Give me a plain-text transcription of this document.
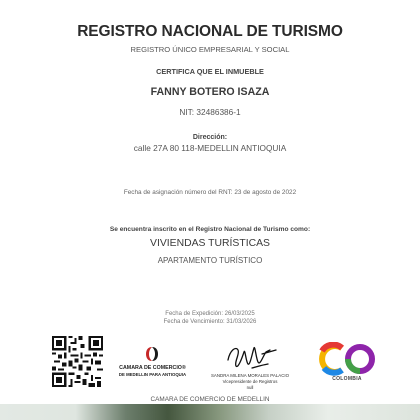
REGISTRO NACIONAL DE TURISMO
REGISTRO ÚNICO EMPRESARIAL Y SOCIAL
CERTIFICA QUE EL INMUEBLE
FANNY BOTERO ISAZA
NIT: 32486386-1
Dirección:
calle 27A 80 118-MEDELLIN ANTIOQUIA
Fecha de asignación número del RNT: 23 de agosto de 2022
Se encuentra inscrito en el Registro Nacional de Turismo como:
VIVIENDAS TURÍSTICAS
APARTAMENTO TURÍSTICO
Fecha de Expedición: 26/03/2025
Fecha de Vencimiento: 31/03/2026
CAMARA DE COMERCIO®
DE MEDELLIN PARA ANTIOQUIA	SANDRA MILENA MORALES PALACIO
Vicepresidente de Registros
null
COLOMBIA
CAMARA DE COMERCIO DE MEDELLIN
